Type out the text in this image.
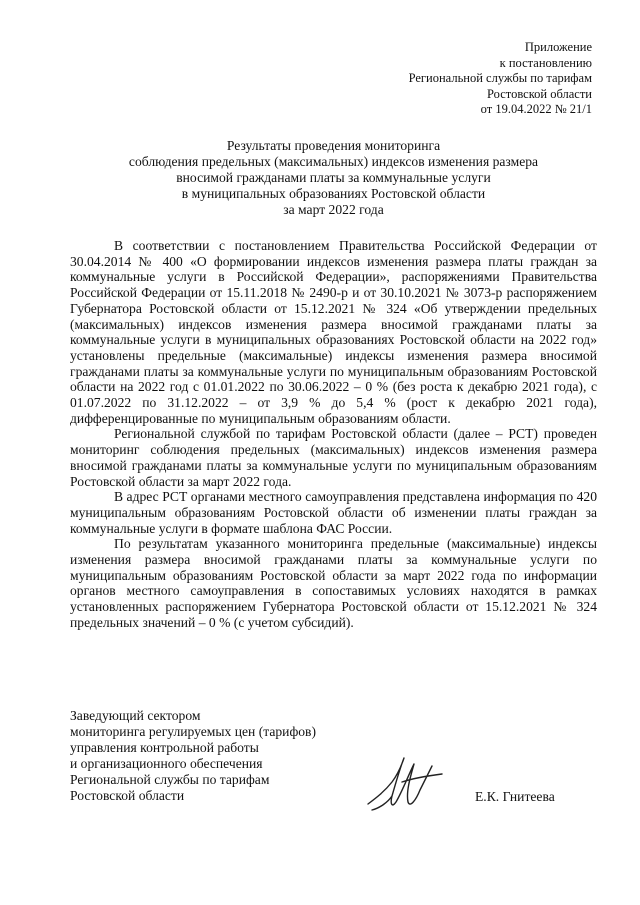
Приложение
к постановлению
Региональной службы по тарифам
Ростовской области
от 19.04.2022 № 21/1
Результаты проведения мониторинга
соблюдения предельных (максимальных) индексов изменения размера
вносимой гражданами платы за коммунальные услуги
в муниципальных образованиях Ростовской области
за март 2022 года

В соответствии с постановлением Правительства Российской Федерации от 30.04.2014 № 400 «О формировании индексов изменения размера платы граждан за коммунальные услуги в Российской Федерации», распоряжениями Правительства Российской Федерации от 15.11.2018 № 2490-р и от 30.10.2021 № 3073-р распоряжением Губернатора Ростовской области от 15.12.2021 № 324 «Об утверждении предельных (максимальных) индексов изменения размера вносимой гражданами платы за коммунальные услуги в муниципальных образованиях Ростовской области на 2022 год» установлены предельные (максимальные) индексы изменения размера вносимой гражданами платы за коммунальные услуги по муниципальным образованиям Ростовской области на 2022 год с 01.01.2022 по 30.06.2022 – 0 % (без роста к декабрю 2021 года), с 01.07.2022 по 31.12.2022 – от 3,9 % до 5,4 % (рост к декабрю 2021 года), дифференцированные по муниципальным образованиям области.

Региональной службой по тарифам Ростовской области (далее – РСТ) проведен мониторинг соблюдения предельных (максимальных) индексов изменения размера вносимой гражданами платы за коммунальные услуги по муниципальным образованиям Ростовской области за март 2022 года.

В адрес РСТ органами местного самоуправления представлена информация по 420 муниципальным образованиям Ростовской области об изменении платы граждан за коммунальные услуги в формате шаблона ФАС России.

По результатам указанного мониторинга предельные (максимальные) индексы изменения размера вносимой гражданами платы за коммунальные услуги по муниципальным образованиям Ростовской области за март 2022 года по информации органов местного самоуправления в сопоставимых условиях находятся в рамках установленных распоряжением Губернатора Ростовской области от 15.12.2021 № 324 предельных значений – 0 % (с учетом субсидий).

Заведующий сектором
мониторинга регулируемых цен (тарифов)
управления контрольной работы
и организационного обеспечения
Региональной службы по тарифам
Ростовской области	Е.К. Гнитеева
